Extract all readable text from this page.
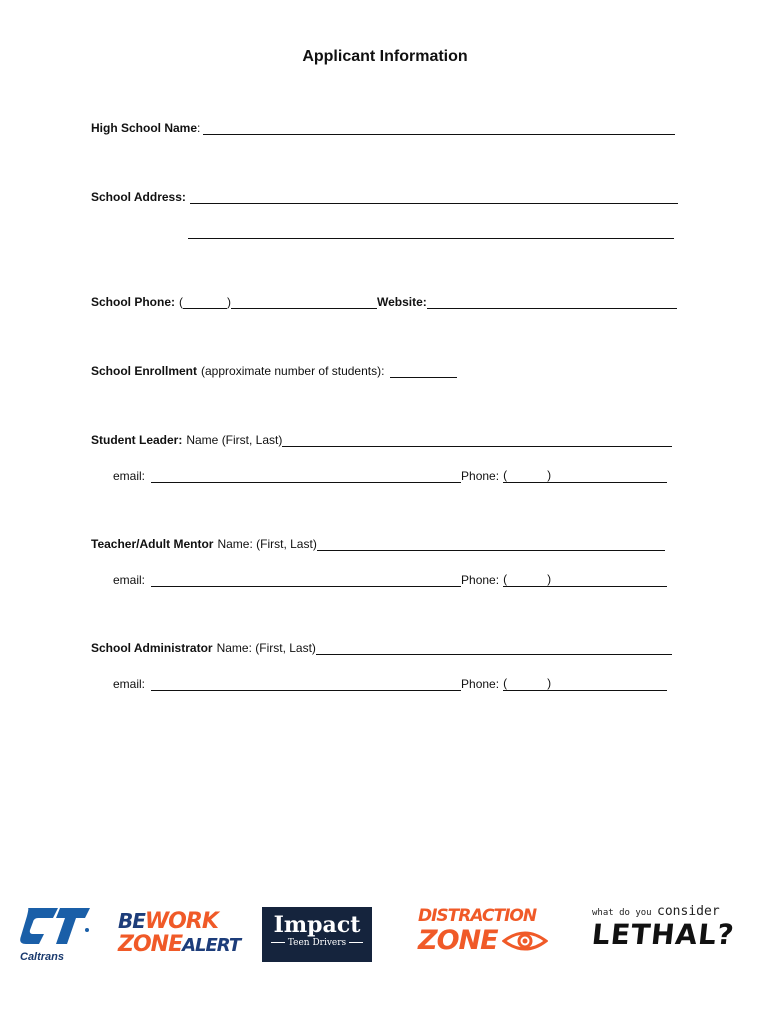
Applicant Information
High School Name :
School Address:
School Phone: (	)	Website:
School Enrollment (approximate number of students):
Student Leader: Name (First, Last)
email:	Phone: (	)
Teacher/Adult Mentor Name: (First, Last)
email:	Phone: (	)
School Administrator Name: (First, Last)
email:	Phone: (	)
Caltrans
BEWORK
ZONEALERT
Impact
Teen Drivers
DISTRACTION
ZONE
what do you consider
LETHAL?
